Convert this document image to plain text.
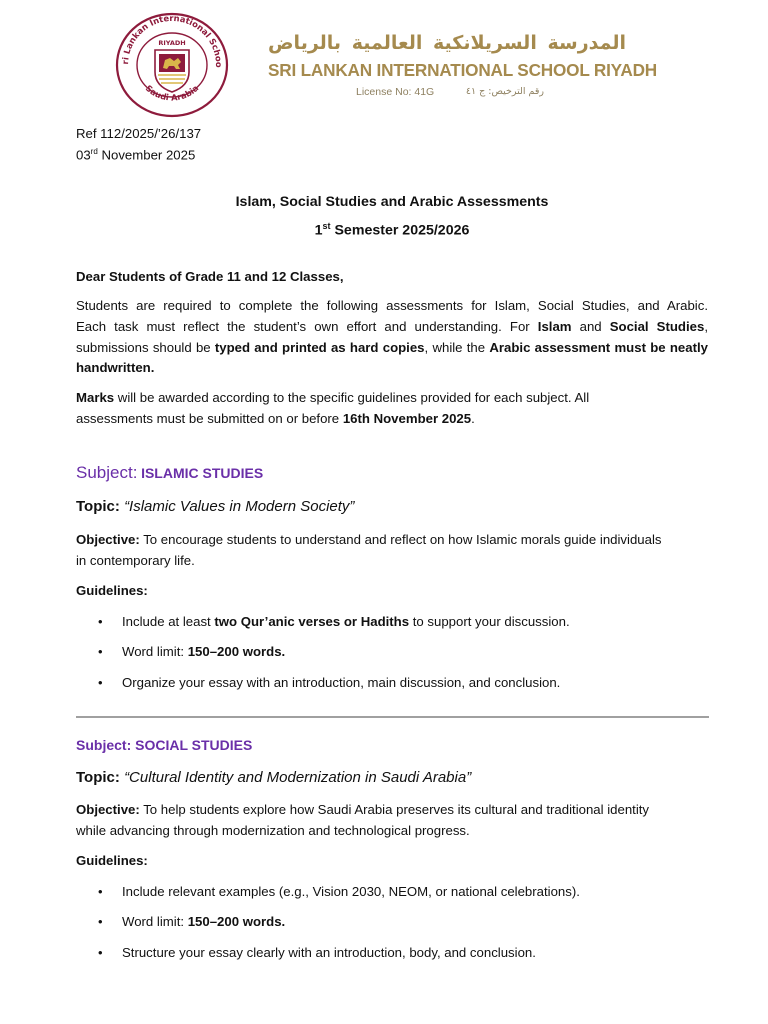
ri Lankan International Schoo
Saudi Arabia
RIYADH	المدرسة السريلانكية العالمية بالرياض
SRI LANKAN INTERNATIONAL SCHOOL RIYADH
License No: 41G	رقم الترخيص: ج ٤١
Ref 112/2025/’26/137
03rd November 2025
Islam, Social Studies and Arabic Assessments
1st Semester 2025/2026
Dear Students of Grade 11 and 12 Classes,
Students are required to complete the following assessments for Islam, Social Studies, and Arabic.
Each task must reflect the student’s own effort and understanding. For Islam and Social Studies,
submissions should be typed and printed as hard copies, while the Arabic assessment must be neatly
handwritten.
Marks will be awarded according to the specific guidelines provided for each subject. All
assessments must be submitted on or before 16th November 2025.
Subject: ISLAMIC STUDIES
Topic: “Islamic Values in Modern Society”
Objective: To encourage students to understand and reflect on how Islamic morals guide individuals
in contemporary life.
Guidelines:
• Include at least two Qur’anic verses or Hadiths to support your discussion.
• Word limit: 150–200 words.
• Organize your essay with an introduction, main discussion, and conclusion.
Subject: SOCIAL STUDIES
Topic: “Cultural Identity and Modernization in Saudi Arabia”
Objective: To help students explore how Saudi Arabia preserves its cultural and traditional identity
while advancing through modernization and technological progress.
Guidelines:
• Include relevant examples (e.g., Vision 2030, NEOM, or national celebrations).
• Word limit: 150–200 words.
• Structure your essay clearly with an introduction, body, and conclusion.
